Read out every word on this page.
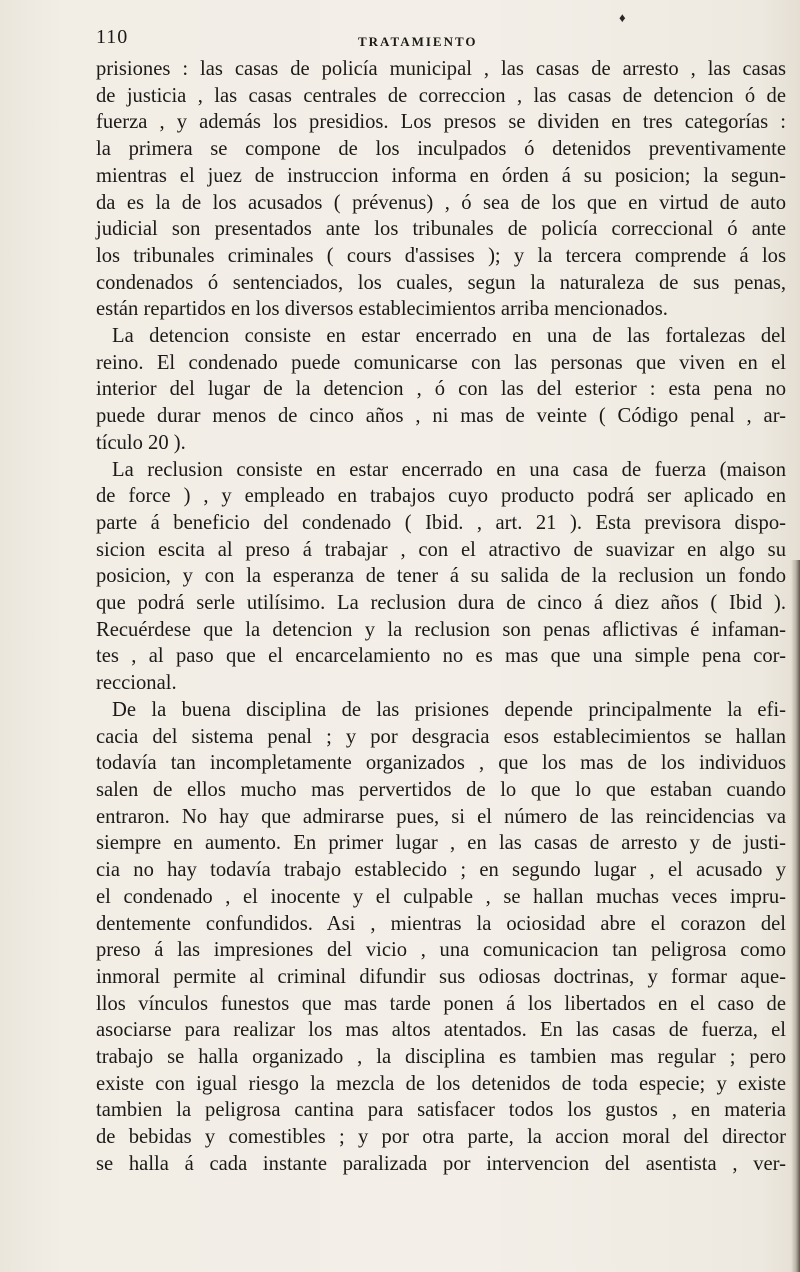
♦
110	TRATAMIENTO
prisiones : las casas de policía municipal , las casas de arresto , las casas
de justicia , las casas centrales de correccion , las casas de detencion ó de
fuerza , y además los presidios. Los presos se dividen en tres categorías :
la primera se compone de los inculpados ó detenidos preventivamente
mientras el juez de instruccion informa en órden á su posicion; la segun-
da es la de los acusados ( prévenus) , ó sea de los que en virtud de auto
judicial son presentados ante los tribunales de policía correccional ó ante
los tribunales criminales ( cours d'assises ); y la tercera comprende á los
condenados ó sentenciados, los cuales, segun la naturaleza de sus penas,
están repartidos en los diversos establecimientos arriba mencionados.
La detencion consiste en estar encerrado en una de las fortalezas del
reino. El condenado puede comunicarse con las personas que viven en el
interior del lugar de la detencion , ó con las del esterior : esta pena no
puede durar menos de cinco años , ni mas de veinte ( Código penal , ar-
tículo 20 ).
La reclusion consiste en estar encerrado en una casa de fuerza (maison
de force ) , y empleado en trabajos cuyo producto podrá ser aplicado en
parte á beneficio del condenado ( Ibid. , art. 21 ). Esta previsora dispo-
sicion escita al preso á trabajar , con el atractivo de suavizar en algo su
posicion, y con la esperanza de tener á su salida de la reclusion un fondo
que podrá serle utilísimo. La reclusion dura de cinco á diez años ( Ibid ).
Recuérdese que la detencion y la reclusion son penas aflictivas é infaman-
tes , al paso que el encarcelamiento no es mas que una simple pena cor-
reccional.
De la buena disciplina de las prisiones depende principalmente la efi-
cacia del sistema penal ; y por desgracia esos establecimientos se hallan
todavía tan incompletamente organizados , que los mas de los individuos
salen de ellos mucho mas pervertidos de lo que lo que estaban cuando
entraron. No hay que admirarse pues, si el número de las reincidencias va
siempre en aumento. En primer lugar , en las casas de arresto y de justi-
cia no hay todavía trabajo establecido ; en segundo lugar , el acusado y
el condenado , el inocente y el culpable , se hallan muchas veces impru-
dentemente confundidos. Asi , mientras la ociosidad abre el corazon del
preso á las impresiones del vicio , una comunicacion tan peligrosa como
inmoral permite al criminal difundir sus odiosas doctrinas, y formar aque-
llos vínculos funestos que mas tarde ponen á los libertados en el caso de
asociarse para realizar los mas altos atentados. En las casas de fuerza, el
trabajo se halla organizado , la disciplina es tambien mas regular ; pero
existe con igual riesgo la mezcla de los detenidos de toda especie; y existe
tambien la peligrosa cantina para satisfacer todos los gustos , en materia
de bebidas y comestibles ; y por otra parte, la accion moral del director
se halla á cada instante paralizada por intervencion del asentista , ver-
